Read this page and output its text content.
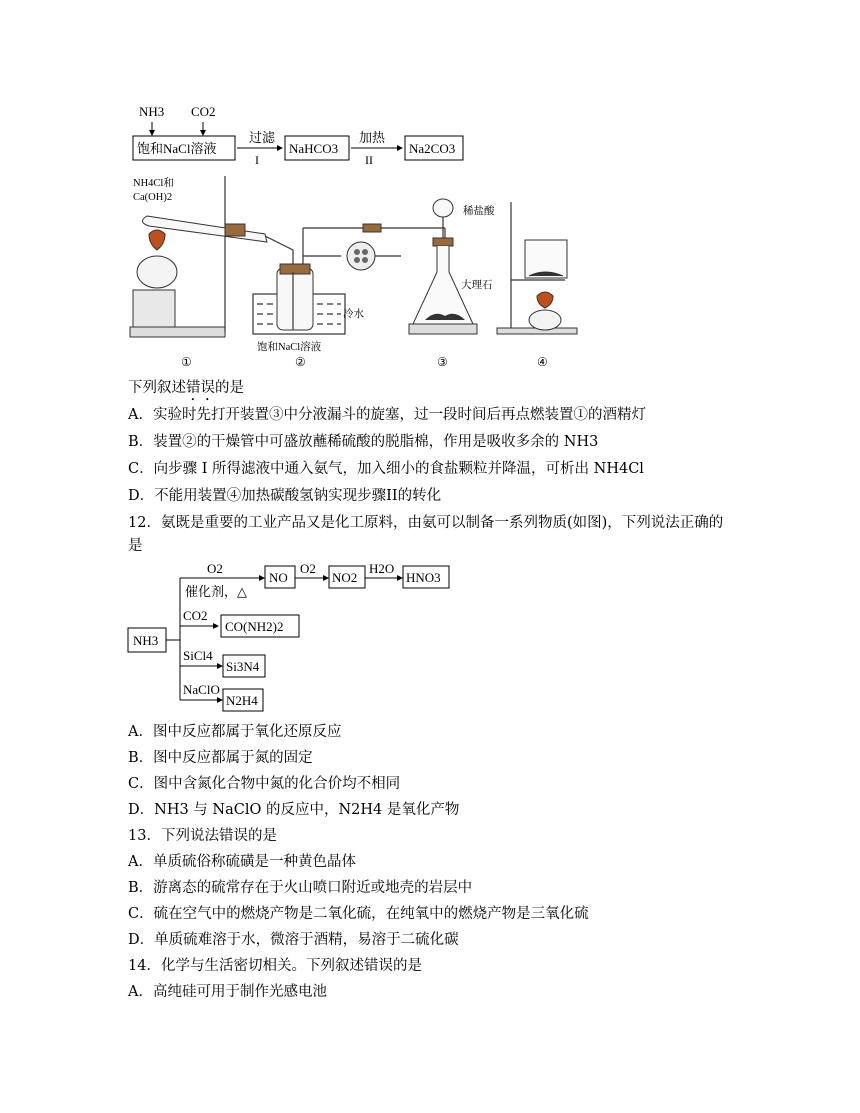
NH3 CO2
饱和NaCl溶液
过滤
I
NaHCO3
加热
II
Na2CO3
NH4Cl和
Ca(OH)2
冷水
饱和NaCl溶液
稀盐酸
大理石
①	②	③	④
下列叙述错误的是
A．实验时先打开装置③中分液漏斗的旋塞，过一段时间后再点燃装置①的酒精灯
B．装置②的干燥管中可盛放蘸稀硫酸的脱脂棉，作用是吸收多余的 NH3
C．向步骤 I 所得滤液中通入氨气，加入细小的食盐颗粒并降温，可析出 NH4Cl
D．不能用装置④加热碳酸氢钠实现步骤II的转化
12．氨既是重要的工业产品又是化工原料，由氨可以制备一系列物质(如图)，下列说法正确的
是
NH3
O2
催化剂，△
NO
O2
NO2
H2O
HNO3
CO2
CO(NH2)2
SiCl4
Si3N4
NaClO
N2H4
A．图中反应都属于氧化还原反应
B．图中反应都属于氮的固定
C．图中含氮化合物中氮的化合价均不相同
D．NH3 与 NaClO 的反应中，N2H4 是氧化产物
13．下列说法错误的是
A．单质硫俗称硫磺是一种黄色晶体
B．游离态的硫常存在于火山喷口附近或地壳的岩层中
C．硫在空气中的燃烧产物是二氧化硫，在纯氧中的燃烧产物是三氧化硫
D．单质硫难溶于水，微溶于酒精，易溶于二硫化碳
14．化学与生活密切相关。下列叙述错误的是
A．高纯硅可用于制作光感电池
